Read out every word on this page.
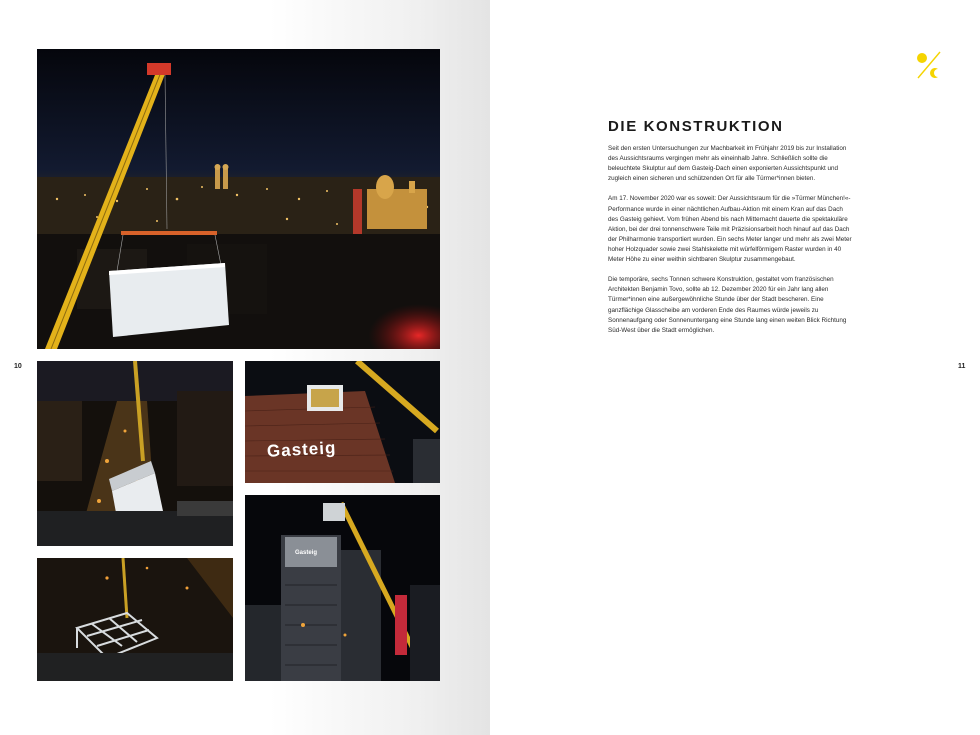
Gasteig
Gasteig
10	11
DIE KONSTRUKTION

Seit den ersten Untersuchungen zur Machbarkeit im Frühjahr 2019 bis zur Installation des Aussichtsraums vergingen mehr als eineinhalb Jahre. Schließlich sollte die beleuchtete Skulptur auf dem Gasteig-Dach einen exponierten Aussichtspunkt und zugleich einen sicheren und schützenden Ort für alle Türmer*innen bieten.

Am 17. November 2020 war es soweit: Der Aussichtsraum für die »Türmer München!«-Performance wurde in einer nächtlichen Aufbau-Aktion mit einem Kran auf das Dach des Gasteig gehievt. Vom frühen Abend bis nach Mitternacht dauerte die spektakuläre Aktion, bei der drei tonnenschwere Teile mit Präzisionsarbeit hoch hinauf auf das Dach der Philharmonie transportiert wurden. Ein sechs Meter langer und mehr als zwei Meter hoher Holzquader sowie zwei Stahlskelette mit würfelförmigem Raster wurden in 40 Meter Höhe zu einer weithin sichtbaren Skulptur zusammengebaut.

Die temporäre, sechs Tonnen schwere Konstruktion, gestaltet vom französischen Architekten Benjamin Tovo, sollte ab 12. Dezember 2020 für ein Jahr lang allen Türmer*innen eine außergewöhnliche Stunde über der Stadt bescheren. Eine ganzflächige Glasscheibe am vorderen Ende des Raumes würde jeweils zu Sonnenaufgang oder Sonnenuntergang eine Stunde lang einen weiten Blick Richtung Süd-West über die Stadt ermöglichen.
